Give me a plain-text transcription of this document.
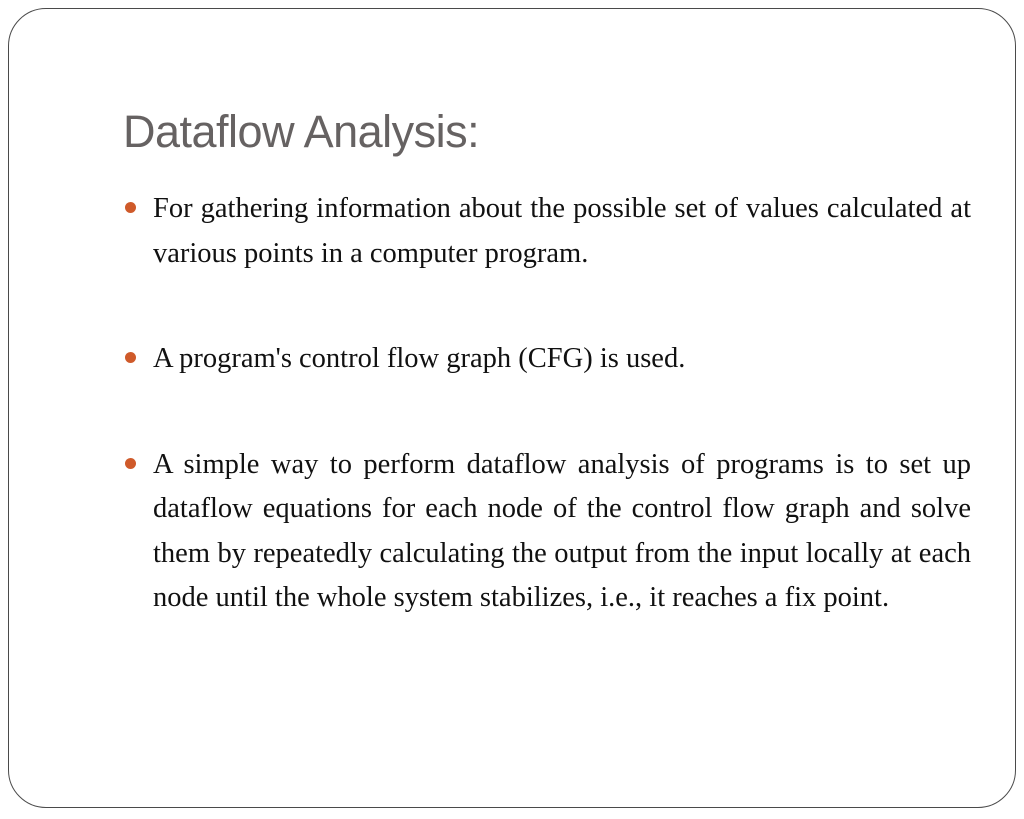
Dataflow Analysis:
For gathering information about the possible set of values calculated at various points in a computer program.
A program's control flow graph (CFG) is used.
A simple way to perform dataflow analysis of programs is to set up dataflow equations for each node of the control flow graph and solve them by repeatedly calculating the output from the input locally at each node until the whole system stabilizes, i.e., it reaches a fix point.
